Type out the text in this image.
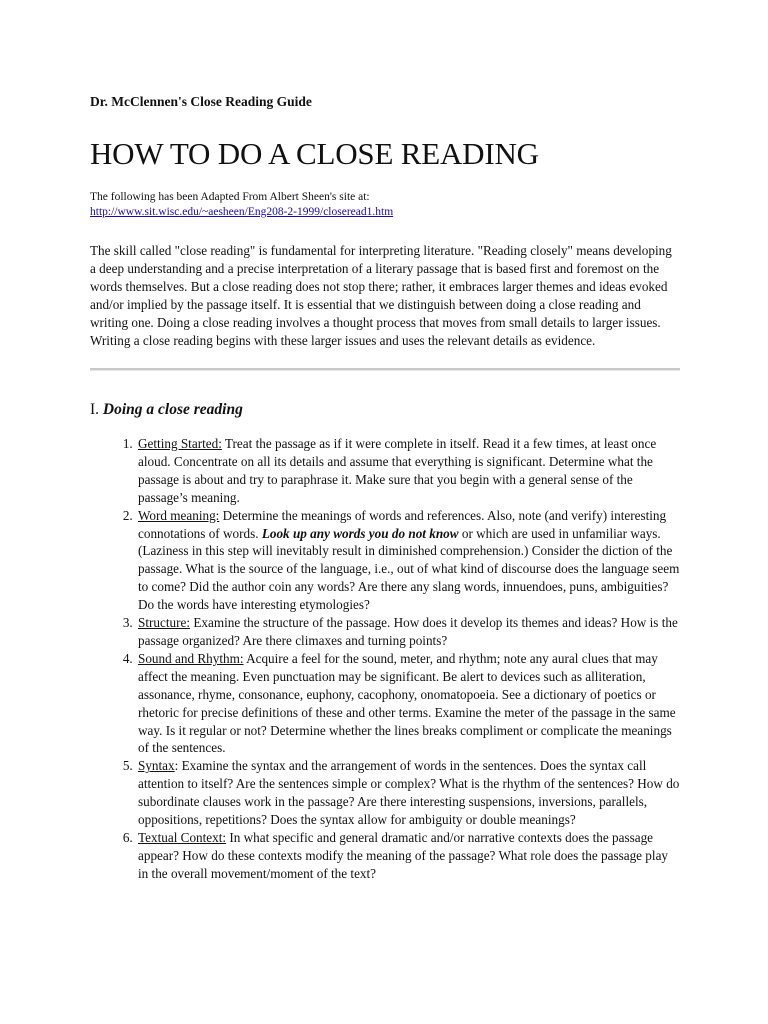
Dr. McClennen's Close Reading Guide

HOW TO DO A CLOSE READING

The following has been Adapted From Albert Sheen's site at:
http://www.sit.wisc.edu/~aesheen/Eng208-2-1999/closeread1.htm

The skill called "close reading" is fundamental for interpreting literature. "Reading closely" means developing a deep understanding and a precise interpretation of a literary passage that is based first and foremost on the words themselves. But a close reading does not stop there; rather, it embraces larger themes and ideas evoked and/or implied by the passage itself. It is essential that we distinguish between doing a close reading and writing one. Doing a close reading involves a thought process that moves from small details to larger issues. Writing a close reading begins with these larger issues and uses the relevant details as evidence.

I. Doing a close reading
1. Getting Started: Treat the passage as if it were complete in itself. Read it a few times, at least once aloud. Concentrate on all its details and assume that everything is significant. Determine what the passage is about and try to paraphrase it. Make sure that you begin with a general sense of the passage’s meaning.
2. Word meaning: Determine the meanings of words and references. Also, note (and verify) interesting connotations of words. Look up any words you do not know or which are used in unfamiliar ways. (Laziness in this step will inevitably result in diminished comprehension.) Consider the diction of the passage. What is the source of the language, i.e., out of what kind of discourse does the language seem to come? Did the author coin any words? Are there any slang words, innuendoes, puns, ambiguities? Do the words have interesting etymologies?
3. Structure: Examine the structure of the passage. How does it develop its themes and ideas? How is the passage organized? Are there climaxes and turning points?
4. Sound and Rhythm: Acquire a feel for the sound, meter, and rhythm; note any aural clues that may affect the meaning. Even punctuation may be significant. Be alert to devices such as alliteration, assonance, rhyme, consonance, euphony, cacophony, onomatopoeia. See a dictionary of poetics or rhetoric for precise definitions of these and other terms. Examine the meter of the passage in the same way. Is it regular or not? Determine whether the lines breaks compliment or complicate the meanings of the sentences.
5. Syntax: Examine the syntax and the arrangement of words in the sentences. Does the syntax call attention to itself? Are the sentences simple or complex? What is the rhythm of the sentences? How do subordinate clauses work in the passage? Are there interesting suspensions, inversions, parallels, oppositions, repetitions? Does the syntax allow for ambiguity or double meanings?
6. Textual Context: In what specific and general dramatic and/or narrative contexts does the passage appear? How do these contexts modify the meaning of the passage? What role does the passage play in the overall movement/moment of the text?
